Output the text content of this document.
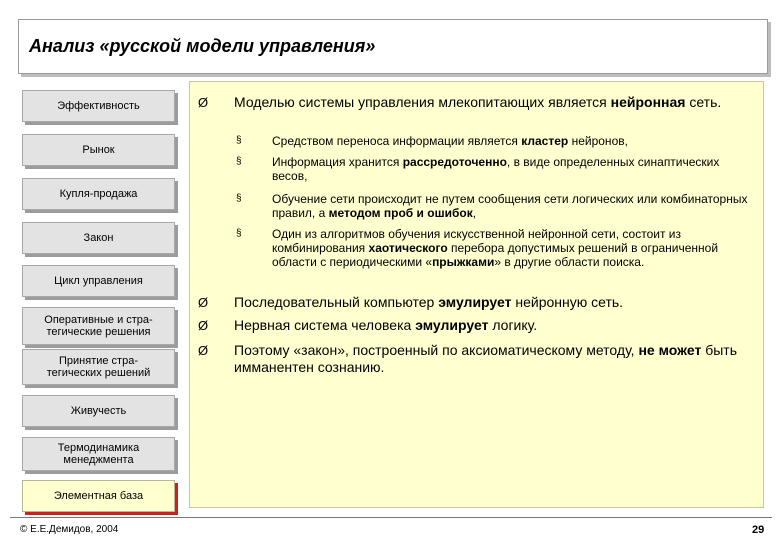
Анализ «русской модели управления»
Эффективность
Рынок
Купля-продажа
Закон
Цикл управления
Оперативные и стра-тегические решения
Принятие стра-тегических решений
Живучесть
Термодинамика менеджмента
Элементная база
Ø Моделью системы управления млекопитающих является нейронная сеть.
§	Средством переноса информации является кластер нейронов,
§	Информация хранится рассредоточенно, в виде определенных синаптических весов,
§	Обучение сети происходит не путем сообщения сети логических или комбинаторных правил, а методом проб и ошибок,
§	Один из алгоритмов обучения искусственной нейронной сети, состоит из комбинирования хаотического перебора допустимых решений в ограниченной области с периодическими «прыжками» в другие области поиска.
Ø Последовательный компьютер эмулирует нейронную сеть.
Ø Нервная система человека эмулирует логику.
Ø Поэтому «закон», построенный по аксиоматическому методу, не может быть имманентен сознанию.
© Е.Е.Демидов, 2004	29
